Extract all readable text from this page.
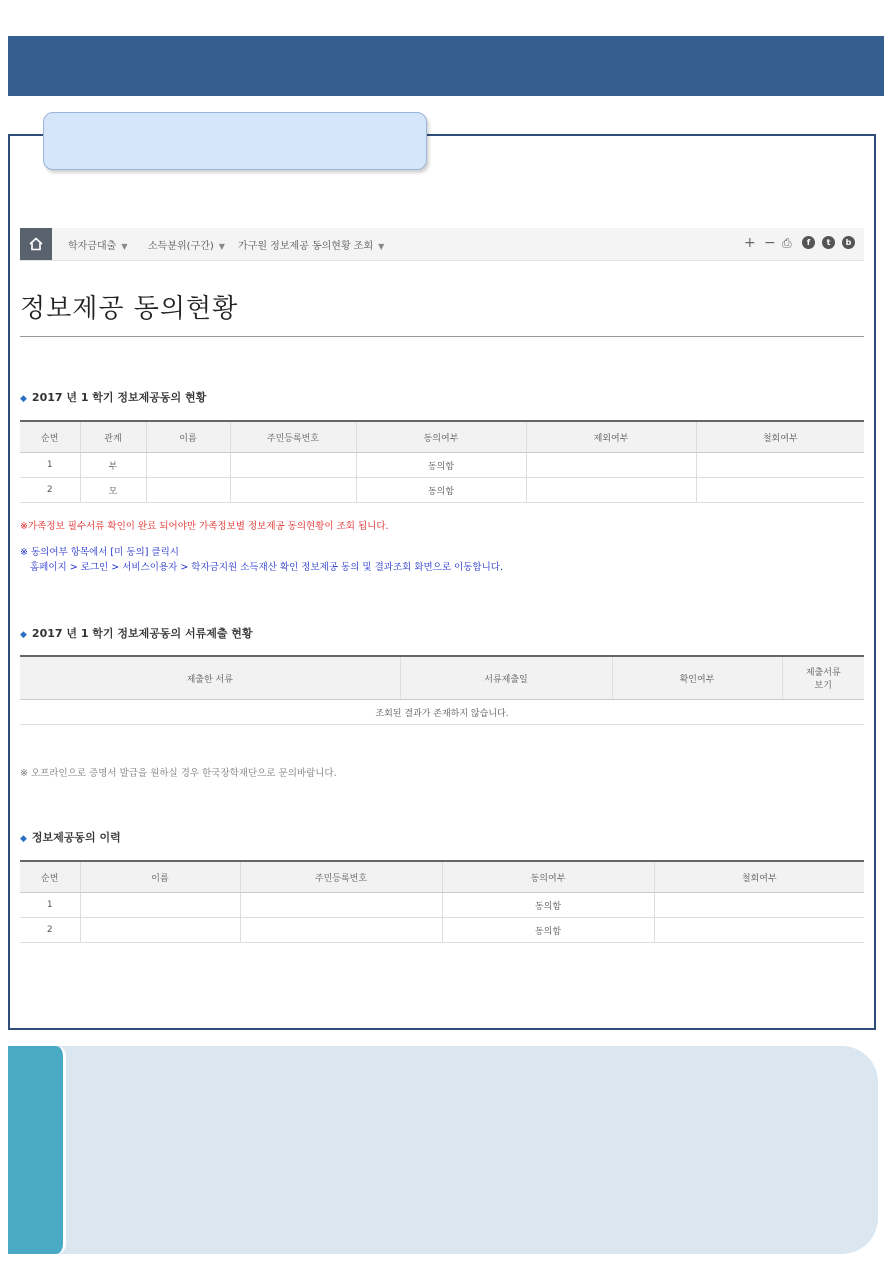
학자금대출 ▼ 소득분위(구간) ▼ 가구원 정보제공 동의현황 조회 ▼	+ − ⎙	f	t	b
정보제공 동의현황
◆ 2017 년 1 학기 정보제공동의 현황
순번	관계	이름	주민등록번호	동의여부	제외여부	철회여부
1	부			동의함		
2	모			동의함		
※가족정보 필수서류 확인이 완료 되어야만 가족정보별 정보제공 동의현황이 조회 됩니다.
※ 동의여부 항목에서 [미 동의] 클릭시
홈페이지 > 로그인 > 서비스이용자 > 학자금지원 소득재산 확인 정보제공 동의 및 결과조회 화면으로 이동합니다.
◆ 2017 년 1 학기 정보제공동의 서류제출 현황
제출한 서류	서류제출일	확인여부	제출서류
보기
조회된 결과가 존재하지 않습니다.
※ 오프라인으로 증명서 발급을 원하실 경우 한국장학재단으로 문의바랍니다.
◆ 정보제공동의 이력
순번	이름	주민등록번호	동의여부	철회여부
1			동의함	
2			동의함	
